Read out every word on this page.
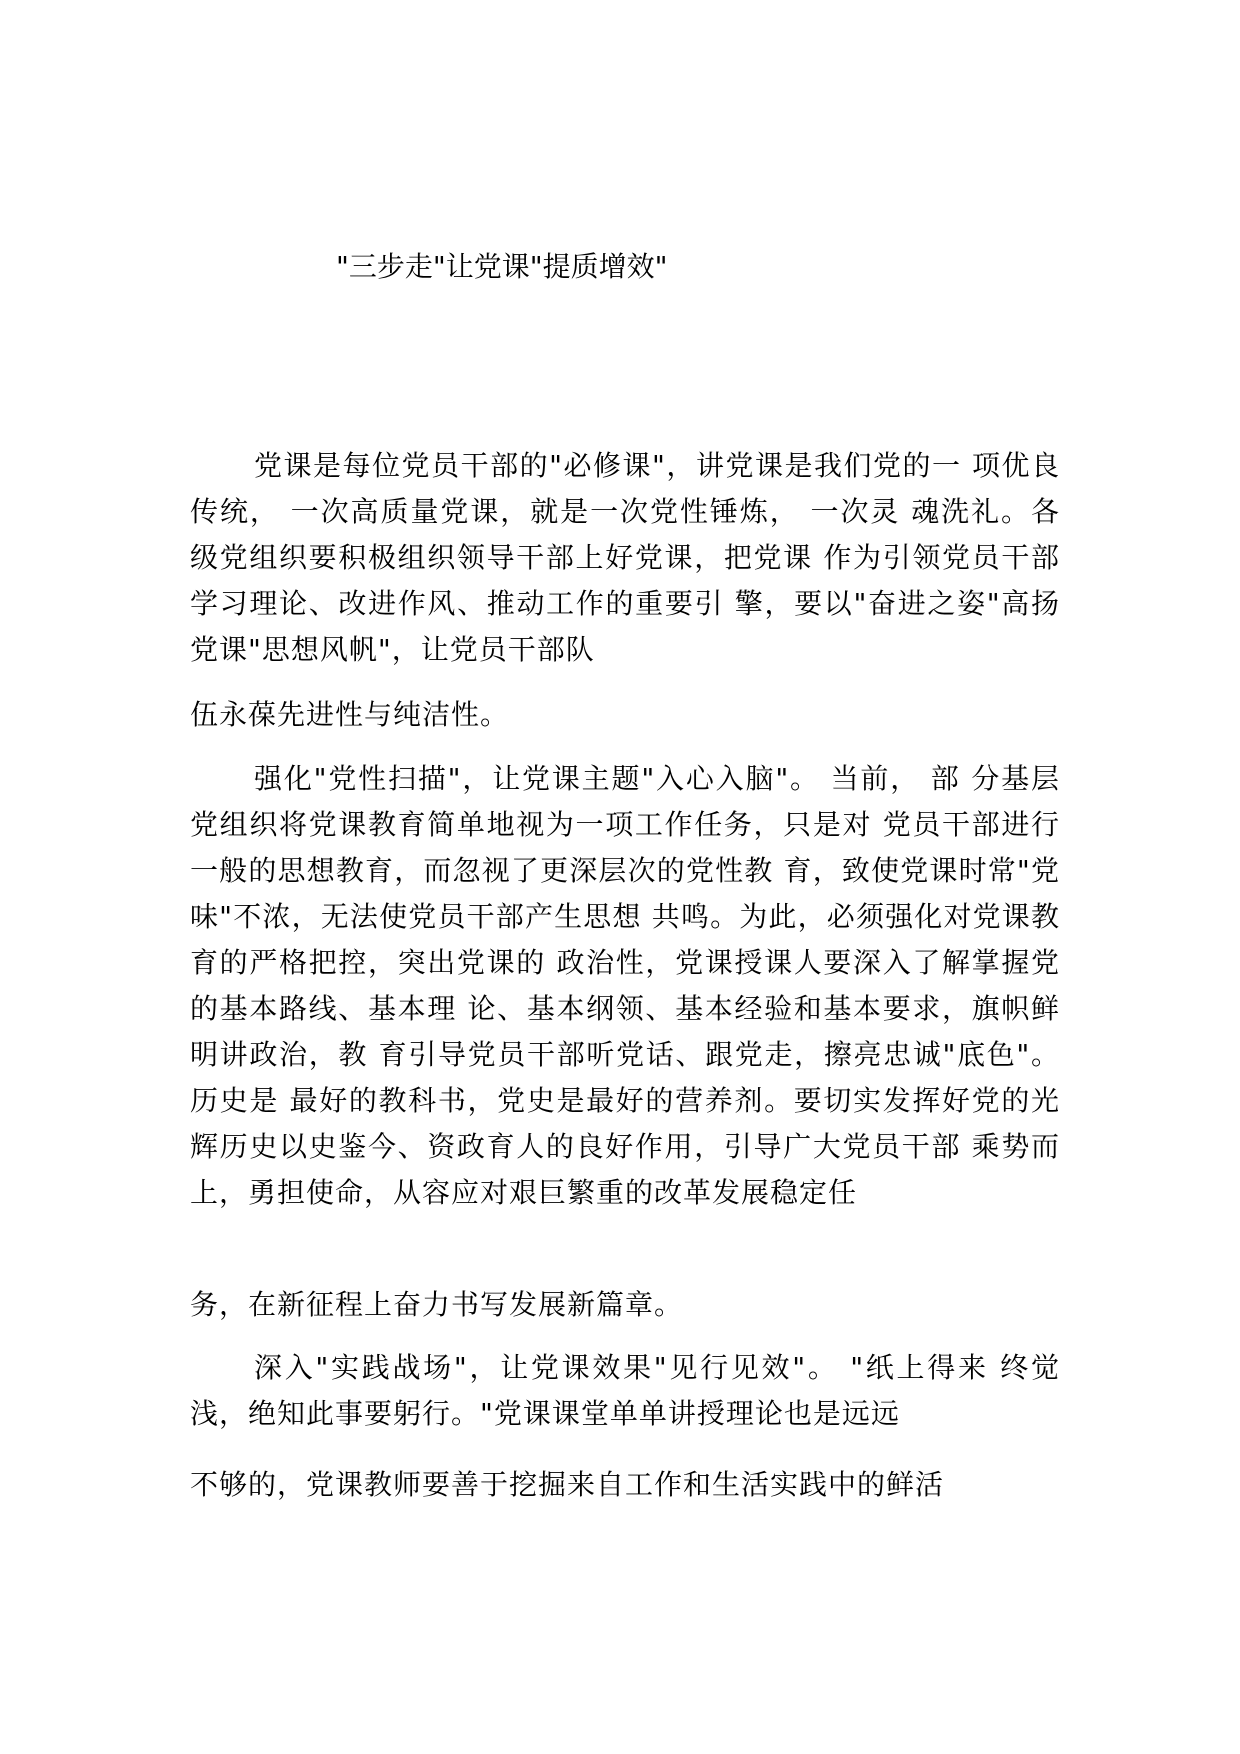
"三步走"让党课"提质增效"

党课是每位党员干部的"必修课"，讲党课是我们党的一 项优良传统， 一次高质量党课，就是一次党性锤炼， 一次灵 魂洗礼。各级党组织要积极组织领导干部上好党课，把党课 作为引领党员干部学习理论、改进作风、推动工作的重要引 擎，要以"奋进之姿"高扬党课"思想风帆"，让党员干部队

伍永葆先进性与纯洁性。

强化"党性扫描"，让党课主题"入心入脑"。 当前， 部 分基层党组织将党课教育简单地视为一项工作任务，只是对 党员干部进行一般的思想教育，而忽视了更深层次的党性教 育，致使党课时常"党味"不浓，无法使党员干部产生思想 共鸣。为此，必须强化对党课教育的严格把控，突出党课的 政治性，党课授课人要深入了解掌握党的基本路线、基本理 论、基本纲领、基本经验和基本要求，旗帜鲜明讲政治，教 育引导党员干部听党话、跟党走，擦亮忠诚"底色"。历史是 最好的教科书，党史是最好的营养剂。要切实发挥好党的光 辉历史以史鉴今、资政育人的良好作用，引导广大党员干部 乘势而上，勇担使命，从容应对艰巨繁重的改革发展稳定任

务，在新征程上奋力书写发展新篇章。

深入"实践战场"，让党课效果"见行见效"。 "纸上得来 终觉浅，绝知此事要躬行。"党课课堂单单讲授理论也是远远

不够的，党课教师要善于挖掘来自工作和生活实践中的鲜活
